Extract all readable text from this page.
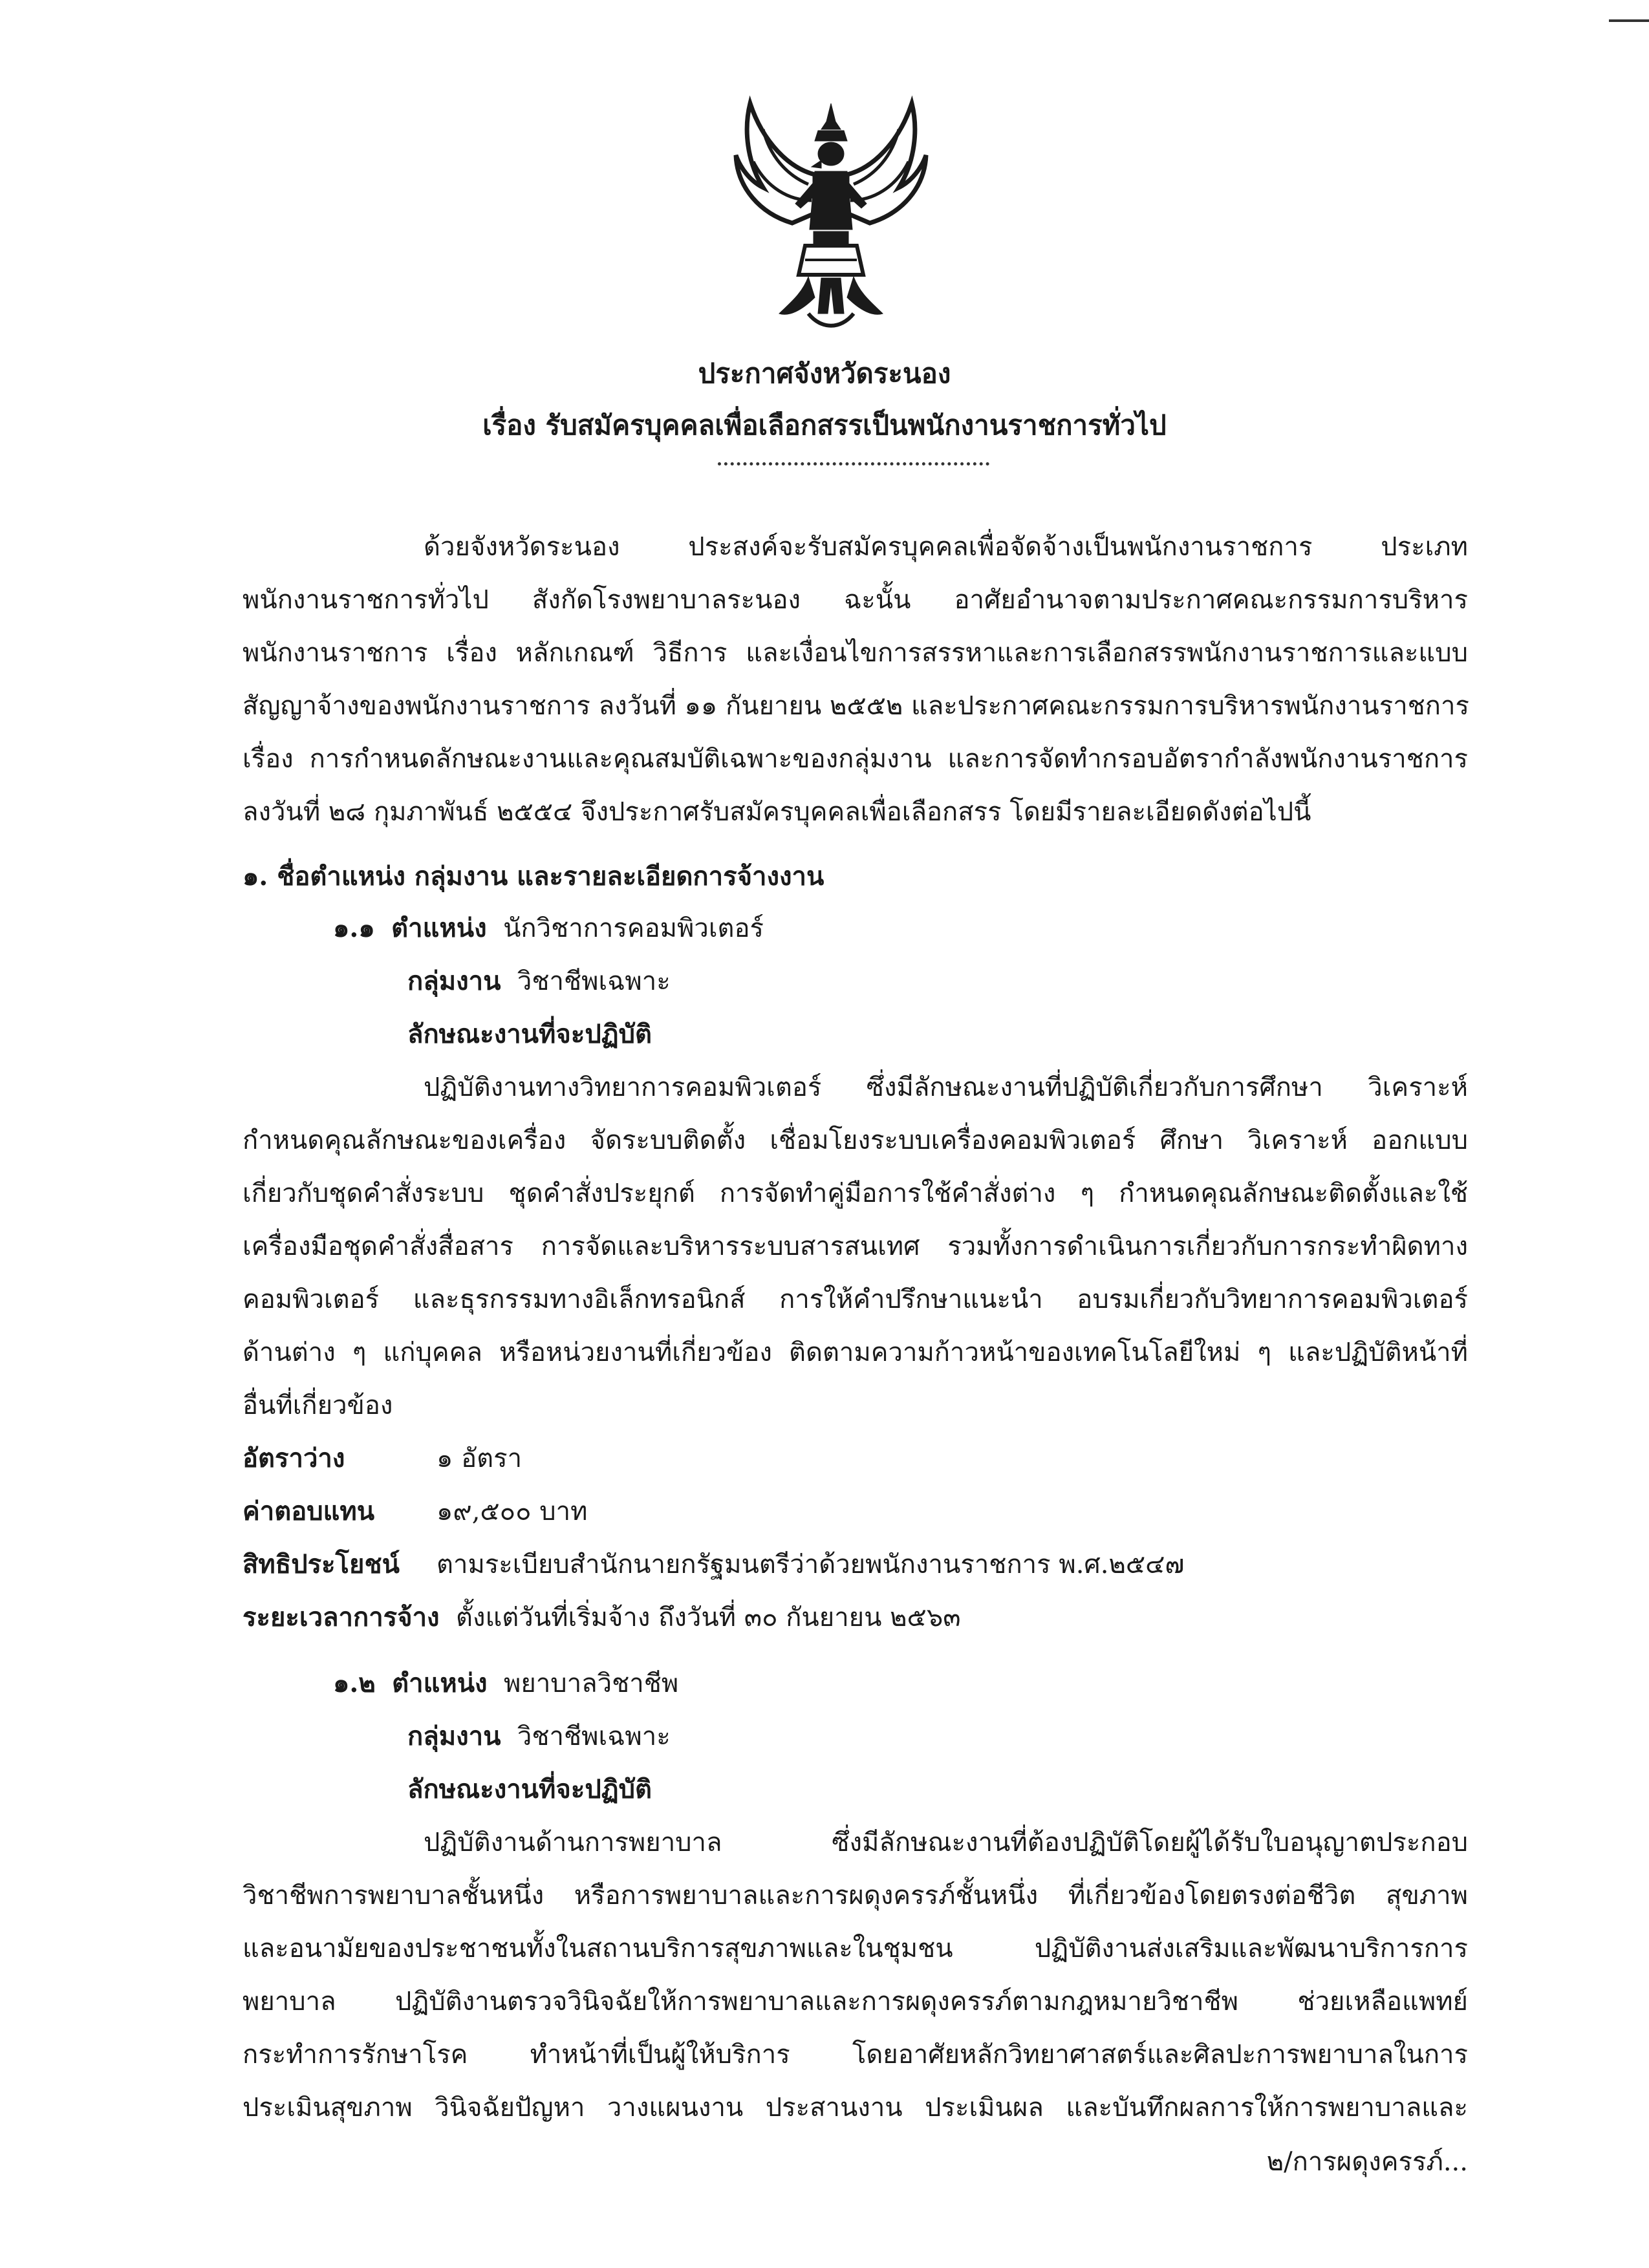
ประกาศจังหวัดระนอง
เรื่อง รับสมัครบุคคลเพื่อเลือกสรรเป็นพนักงานราชการทั่วไป
ด้วยจังหวัดระนอง ประสงค์จะรับสมัครบุคคลเพื่อจัดจ้างเป็นพนักงานราชการ ประเภท
พนักงานราชการทั่วไป สังกัดโรงพยาบาลระนอง ฉะนั้น อาศัยอำนาจตามประกาศคณะกรรมการบริหาร
พนักงานราชการ เรื่อง หลักเกณฑ์ วิธีการ และเงื่อนไขการสรรหาและการเลือกสรรพนักงานราชการและแบบ
สัญญาจ้างของพนักงานราชการ ลงวันที่ ๑๑ กันยายน ๒๕๕๒ และประกาศคณะกรรมการบริหารพนักงานราชการ
เรื่อง การกำหนดลักษณะงานและคุณสมบัติเฉพาะของกลุ่มงาน และการจัดทำกรอบอัตรากำลังพนักงานราชการ
ลงวันที่ ๒๘ กุมภาพันธ์ ๒๕๕๔ จึงประกาศรับสมัครบุคคลเพื่อเลือกสรร โดยมีรายละเอียดดังต่อไปนี้
๑. ชื่อตำแหน่ง กลุ่มงาน และรายละเอียดการจ้างงาน
๑.๑ ตำแหน่ง นักวิชาการคอมพิวเตอร์
กลุ่มงาน วิชาชีพเฉพาะ
ลักษณะงานที่จะปฏิบัติ
ปฏิบัติงานทางวิทยาการคอมพิวเตอร์ ซึ่งมีลักษณะงานที่ปฏิบัติเกี่ยวกับการศึกษา วิเคราะห์
กำหนดคุณลักษณะของเครื่อง จัดระบบติดตั้ง เชื่อมโยงระบบเครื่องคอมพิวเตอร์ ศึกษา วิเคราะห์ ออกแบบ
เกี่ยวกับชุดคำสั่งระบบ ชุดคำสั่งประยุกต์ การจัดทำคู่มือการใช้คำสั่งต่าง ๆ กำหนดคุณลักษณะติดตั้งและใช้
เครื่องมือชุดคำสั่งสื่อสาร การจัดและบริหารระบบสารสนเทศ รวมทั้งการดำเนินการเกี่ยวกับการกระทำผิดทาง
คอมพิวเตอร์ และธุรกรรมทางอิเล็กทรอนิกส์ การให้คำปรึกษาแนะนำ อบรมเกี่ยวกับวิทยาการคอมพิวเตอร์
ด้านต่าง ๆ แก่บุคคล หรือหน่วยงานที่เกี่ยวข้อง ติดตามความก้าวหน้าของเทคโนโลยีใหม่ ๆ และปฏิบัติหน้าที่
อื่นที่เกี่ยวข้อง
อัตราว่าง	๑ อัตรา
ค่าตอบแทน ๑๙,๕๐๐ บาท
สิทธิประโยชน์ ตามระเบียบสำนักนายกรัฐมนตรีว่าด้วยพนักงานราชการ พ.ศ.๒๕๔๗
ระยะเวลาการจ้าง ตั้งแต่วันที่เริ่มจ้าง ถึงวันที่ ๓๐ กันยายน ๒๕๖๓
๑.๒ ตำแหน่ง พยาบาลวิชาชีพ
กลุ่มงาน วิชาชีพเฉพาะ
ลักษณะงานที่จะปฏิบัติ
ปฏิบัติงานด้านการพยาบาล ซึ่งมีลักษณะงานที่ต้องปฏิบัติโดยผู้ได้รับใบอนุญาตประกอบ
วิชาชีพการพยาบาลชั้นหนึ่ง หรือการพยาบาลและการผดุงครรภ์ชั้นหนึ่ง ที่เกี่ยวข้องโดยตรงต่อชีวิต สุขภาพ
และอนามัยของประชาชนทั้งในสถานบริการสุขภาพและในชุมชน ปฏิบัติงานส่งเสริมและพัฒนาบริการการ
พยาบาล ปฏิบัติงานตรวจวินิจฉัยให้การพยาบาลและการผดุงครรภ์ตามกฎหมายวิชาชีพ ช่วยเหลือแพทย์
กระทำการรักษาโรค ทำหน้าที่เป็นผู้ให้บริการ โดยอาศัยหลักวิทยาศาสตร์และศิลปะการพยาบาลในการ
ประเมินสุขภาพ วินิจฉัยปัญหา วางแผนงาน ประสานงาน ประเมินผล และบันทึกผลการให้การพยาบาลและ
๒/การผดุงครรภ์...
